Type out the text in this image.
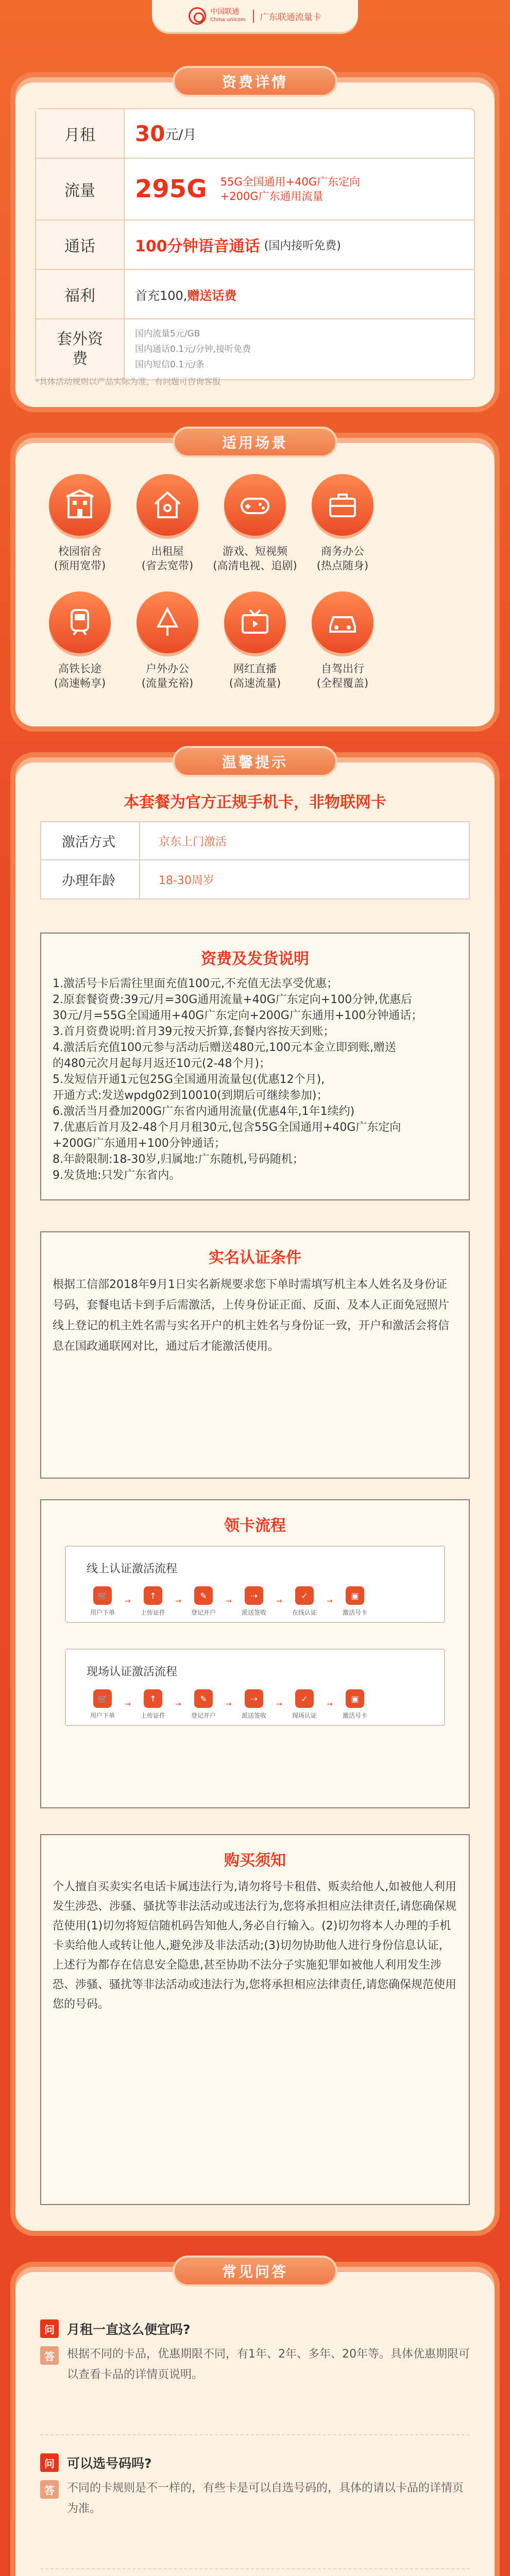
中国联通
China unicom	广东联通流量卡
资费详情
月租	30 元/月
流量	295G 55G全国通用+40G广东定向
+200G广东通用流量
通话	100分钟语音通话 (国内接听免费)
福利	首充100, 赠送话费
套外资费
国内流量5元/GB
国内通话0.1元/分钟,接听免费
国内短信0.1元/条
*具体活动规则以产品实际为准，有问题可咨询客服
适用场景
校园宿舍
(预用宽带)
出租屋
(省去宽带)
游戏、短视频
(高清电视、追剧)
商务办公
(热点随身)
高铁长途
(高速畅享)
户外办公
(流量充裕)
网红直播
(高速流量)
自驾出行
(全程覆盖)
温馨提示
本套餐为官方正规手机卡，非物联网卡
激活方式	京东上门激活
办理年龄	18-30周岁
资费及发货说明
1.激活号卡后需往里面充值100元,不充值无法享受优惠；
2.原套餐资费:39元/月=30G通用流量+40G广东定向+100分钟,优惠后
30元/月=55G全国通用+40G广东定向+200G广东通用+100分钟通话；
3.首月资费说明:首月39元按天折算,套餐内容按天到账；
4.激活后充值100元参与活动后赠送480元,100元本金立即到账,赠送
的480元次月起每月返还10元(2-48个月)；
5.发短信开通1元包25G全国通用流量包(优惠12个月),
开通方式:发送wpdg02到10010(到期后可继续参加)；
6.激活当月叠加200G广东省内通用流量(优惠4年,1年1续约)
7.优惠后首月及2-48个月月租30元,包含55G全国通用+40G广东定向
+200G广东通用+100分钟通话；
8.年龄限制:18-30岁,归属地:广东随机,号码随机；
9.发货地:只发广东省内。
实名认证条件
根据工信部2018年9月1日实名新规要求您下单时需填写机主本人姓名及身份证号码，套餐电话卡到手后需激活，上传身份证正面、反面、及本人正面免冠照片线上登记的机主姓名需与实名开户的机主姓名与身份证一致，开户和激活会将信息在国政通联网对比，通过后才能激活使用。
领卡流程
线上认证激活流程
🛒
用户下单
→
↑
上传证件
→
✎
登记开户
→
⇢
派送签收
→
✓
在线认证
→
▣
激活号卡
现场认证激活流程
🛒
用户下单
→
↑
上传证件
→
✎
登记开户
→
⇢
派送签收
→
✓
现场认证
→
▣
激活号卡
购买须知
个人擅自买卖实名电话卡属违法行为,请勿将号卡租借、贩卖给他人,如被他人利用发生涉恐、涉骚、骚扰等非法活动或违法行为,您将承担相应法律责任,请您确保规范使用(1)切勿将短信随机码告知他人,务必自行输入。(2)切勿将本人办理的手机卡卖给他人或转让他人,避免涉及非法活动;(3)切勿协助他人进行身份信息认证，上述行为都存在信息安全隐患,甚至协助不法分子实施犯罪如被他人利用发生涉恐、涉骚、骚扰等非法活动或违法行为,您将承担相应法律责任,请您确保规范使用您的号码。
常见问答
问 月租一直这么便宜吗?
答	根据不同的卡品，优惠期限不同，有1年、2年、多年、20年等。具体优惠期限可以查看卡品的详情页说明。
问 可以选号码吗?
答	不同的卡规则是不一样的，有些卡是可以自选号码的，具体的请以卡品的详情页为准。
